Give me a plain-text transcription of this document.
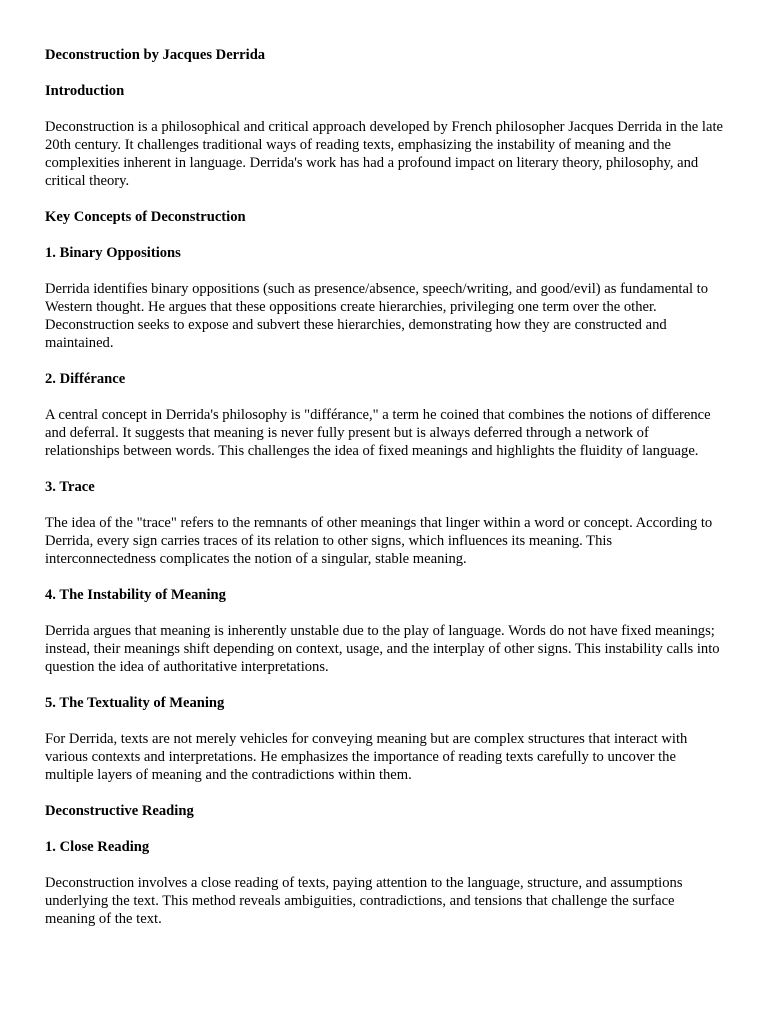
Deconstruction by Jacques Derrida
Introduction
Deconstruction is a philosophical and critical approach developed by French philosopher Jacques Derrida in the late 20th century. It challenges traditional ways of reading texts, emphasizing the instability of meaning and the complexities inherent in language. Derrida's work has had a profound impact on literary theory, philosophy, and critical theory.
Key Concepts of Deconstruction
1. Binary Oppositions
Derrida identifies binary oppositions (such as presence/absence, speech/writing, and good/evil) as fundamental to Western thought. He argues that these oppositions create hierarchies, privileging one term over the other. Deconstruction seeks to expose and subvert these hierarchies, demonstrating how they are constructed and maintained.
2. Différance
A central concept in Derrida's philosophy is "différance," a term he coined that combines the notions of difference and deferral. It suggests that meaning is never fully present but is always deferred through a network of relationships between words. This challenges the idea of fixed meanings and highlights the fluidity of language.
3. Trace
The idea of the "trace" refers to the remnants of other meanings that linger within a word or concept. According to Derrida, every sign carries traces of its relation to other signs, which influences its meaning. This interconnectedness complicates the notion of a singular, stable meaning.
4. The Instability of Meaning
Derrida argues that meaning is inherently unstable due to the play of language. Words do not have fixed meanings; instead, their meanings shift depending on context, usage, and the interplay of other signs. This instability calls into question the idea of authoritative interpretations.
5. The Textuality of Meaning
For Derrida, texts are not merely vehicles for conveying meaning but are complex structures that interact with various contexts and interpretations. He emphasizes the importance of reading texts carefully to uncover the multiple layers of meaning and the contradictions within them.
Deconstructive Reading
1. Close Reading
Deconstruction involves a close reading of texts, paying attention to the language, structure, and assumptions underlying the text. This method reveals ambiguities, contradictions, and tensions that challenge the surface meaning of the text.
